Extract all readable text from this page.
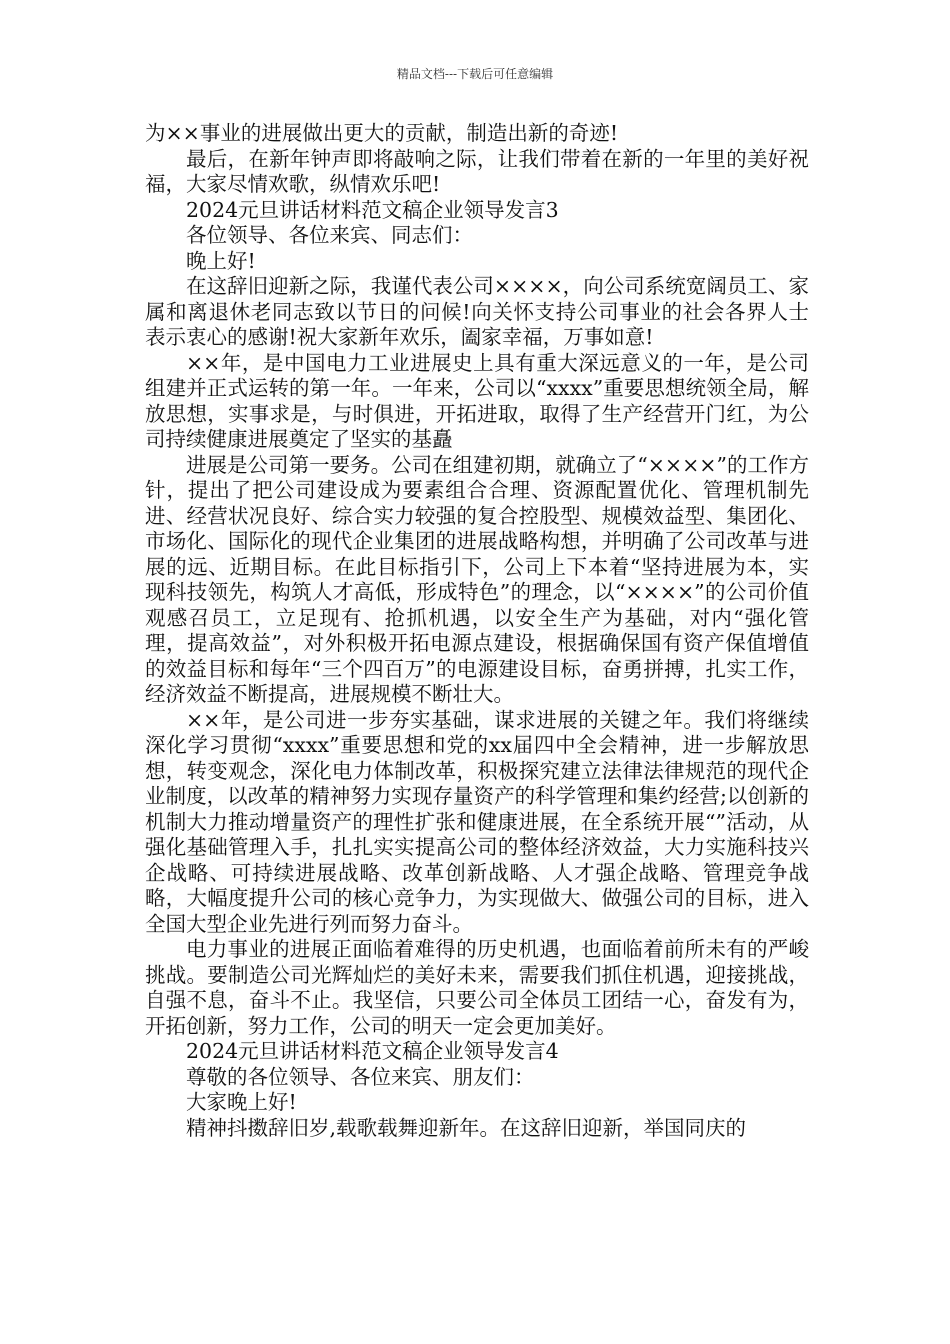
精品文档---下载后可任意编辑

为××事业的进展做出更大的贡献，制造出新的奇迹!

最后，在新年钟声即将敲响之际，让我们带着在新的一年里的美好祝福，大家尽情欢歌，纵情欢乐吧!

2024元旦讲话材料范文稿企业领导发言3

各位领导、各位来宾、同志们：

晚上好!

在这辞旧迎新之际，我谨代表公司××××，向公司系统宽阔员工、家属和离退休老同志致以节日的问候!向关怀支持公司事业的社会各界人士表示衷心的感谢!祝大家新年欢乐，阖家幸福，万事如意!

××年，是中国电力工业进展史上具有重大深远意义的一年，是公司组建并正式运转的第一年。一年来，公司以“xxxx”重要思想统领全局，解放思想，实事求是，与时俱进，开拓进取，取得了生产经营开门红，为公司持续健康进展奠定了坚实的基矗

进展是公司第一要务。公司在组建初期，就确立了“××××”的工作方针，提出了把公司建设成为要素组合合理、资源配置优化、管理机制先进、经营状况良好、综合实力较强的复合控股型、规模效益型、集团化、市场化、国际化的现代企业集团的进展战略构想，并明确了公司改革与进展的远、近期目标。在此目标指引下，公司上下本着“坚持进展为本，实现科技领先，构筑人才高低，形成特色”的理念，以“××××”的公司价值观感召员工，立足现有、抢抓机遇，以安全生产为基础，对内“强化管理，提高效益”，对外积极开拓电源点建设，根据确保国有资产保值增值的效益目标和每年“三个四百万”的电源建设目标，奋勇拼搏，扎实工作，经济效益不断提高，进展规模不断壮大。

××年，是公司进一步夯实基础，谋求进展的关键之年。我们将继续深化学习贯彻“xxxx”重要思想和党的xx届四中全会精神，进一步解放思想，转变观念，深化电力体制改革，积极探究建立法律法律规范的现代企业制度，以改革的精神努力实现存量资产的科学管理和集约经营;以创新的机制大力推动增量资产的理性扩张和健康进展，在全系统开展“”活动，从强化基础管理入手，扎扎实实提高公司的整体经济效益，大力实施科技兴企战略、可持续进展战略、改革创新战略、人才强企战略、管理竞争战略，大幅度提升公司的核心竞争力，为实现做大、做强公司的目标，进入全国大型企业先进行列而努力奋斗。

电力事业的进展正面临着难得的历史机遇，也面临着前所未有的严峻挑战。要制造公司光辉灿烂的美好未来，需要我们抓住机遇，迎接挑战，自强不息，奋斗不止。我坚信，只要公司全体员工团结一心，奋发有为，开拓创新，努力工作，公司的明天一定会更加美好。

2024元旦讲话材料范文稿企业领导发言4

尊敬的各位领导、各位来宾、朋友们：

大家晚上好!

精神抖擞辞旧岁,载歌载舞迎新年。在这辞旧迎新，举国同庆的
